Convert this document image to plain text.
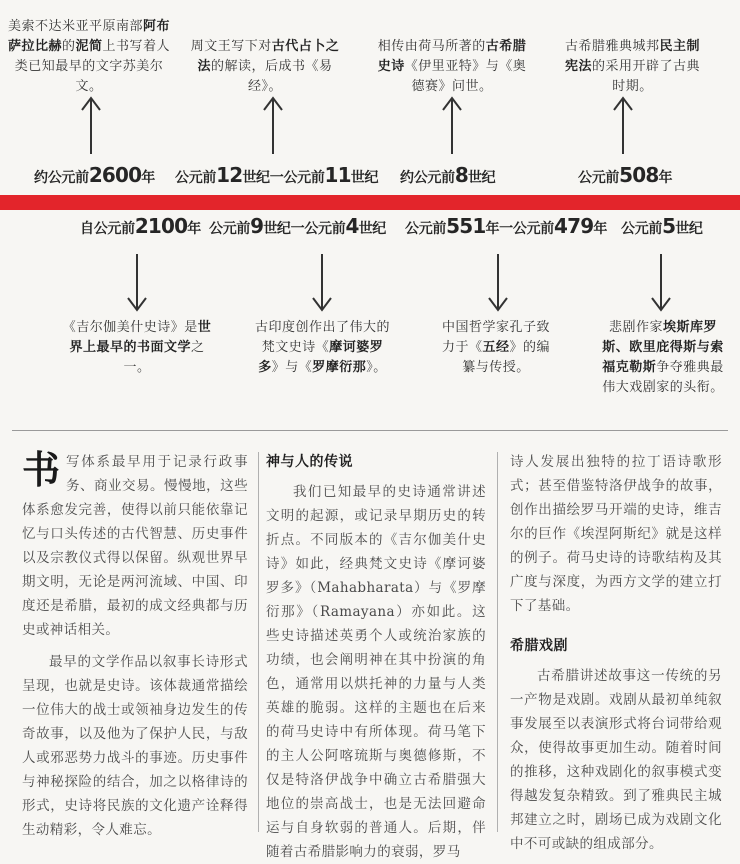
美索不达米亚平原南部阿布萨拉比赫的泥简上书写着人类已知最早的文字苏美尔文。
周文王写下对古代占卜之法的解读，后成书《易经》。
相传由荷马所著的古希腊史诗《伊里亚特》与《奥德赛》问世。
古希腊雅典城邦民主制宪法的采用开辟了古典时期。
约公元前2600年 公元前12世纪一公元前11世纪 约公元前8世纪	公元前508年
自公元前2100年 公元前9世纪一公元前4世纪 公元前551年一公元前479年 公元前5世纪
《吉尔伽美什史诗》是世界上最早的书面文学之一。
古印度创作出了伟大的梵文史诗《摩诃婆罗多》与《罗摩衍那》。
中国哲学家孔子致力于《五经》的编纂与传授。
悲剧作家埃斯库罗斯、欧里庇得斯与索福克勒斯争夺雅典最伟大戏剧家的头衔。

书写体系最早用于记录行政事务、商业交易。慢慢地，这些体系愈发完善，使得以前只能依靠记忆与口头传述的古代智慧、历史事件以及宗教仪式得以保留。纵观世界早期文明，无论是两河流域、中国、印度还是希腊，最初的成文经典都与历史或神话相关。

最早的文学作品以叙事长诗形式呈现，也就是史诗。该体裁通常描绘一位伟大的战士或领袖身边发生的传奇故事，以及他为了保护人民，与敌人或邪恶势力战斗的事迹。历史事件与神秘探险的结合，加之以格律诗的形式，史诗将民族的文化遗产诠释得生动精彩，令人难忘。

神与人的传说

我们已知最早的史诗通常讲述文明的起源，或记录早期历史的转折点。不同版本的《吉尔伽美什史诗》如此，经典梵文史诗《摩诃婆罗多》（Mahabharata）与《罗摩衍那》（Ramayana）亦如此。这些史诗描述英勇个人或统治家族的功绩，也会阐明神在其中扮演的角色，通常用以烘托神的力量与人类英雄的脆弱。这样的主题也在后来的荷马史诗中有所体现。荷马笔下的主人公阿喀琉斯与奥德修斯，不仅是特洛伊战争中确立古希腊强大地位的崇高战士，也是无法回避命运与自身软弱的普通人。后期，伴随着古希腊影响力的衰弱，罗马

诗人发展出独特的拉丁语诗歌形式；甚至借鉴特洛伊战争的故事，创作出描绘罗马开端的史诗，维吉尔的巨作《埃涅阿斯纪》就是这样的例子。荷马史诗的诗歌结构及其广度与深度，为西方文学的建立打下了基础。

希腊戏剧

古希腊讲述故事这一传统的另一产物是戏剧。戏剧从最初单纯叙事发展至以表演形式将台词带给观众，使得故事更加生动。随着时间的推移，这种戏剧化的叙事模式变得越发复杂精致。到了雅典民主城邦建立之时，剧场已成为戏剧文化中不可或缺的组成部分。
